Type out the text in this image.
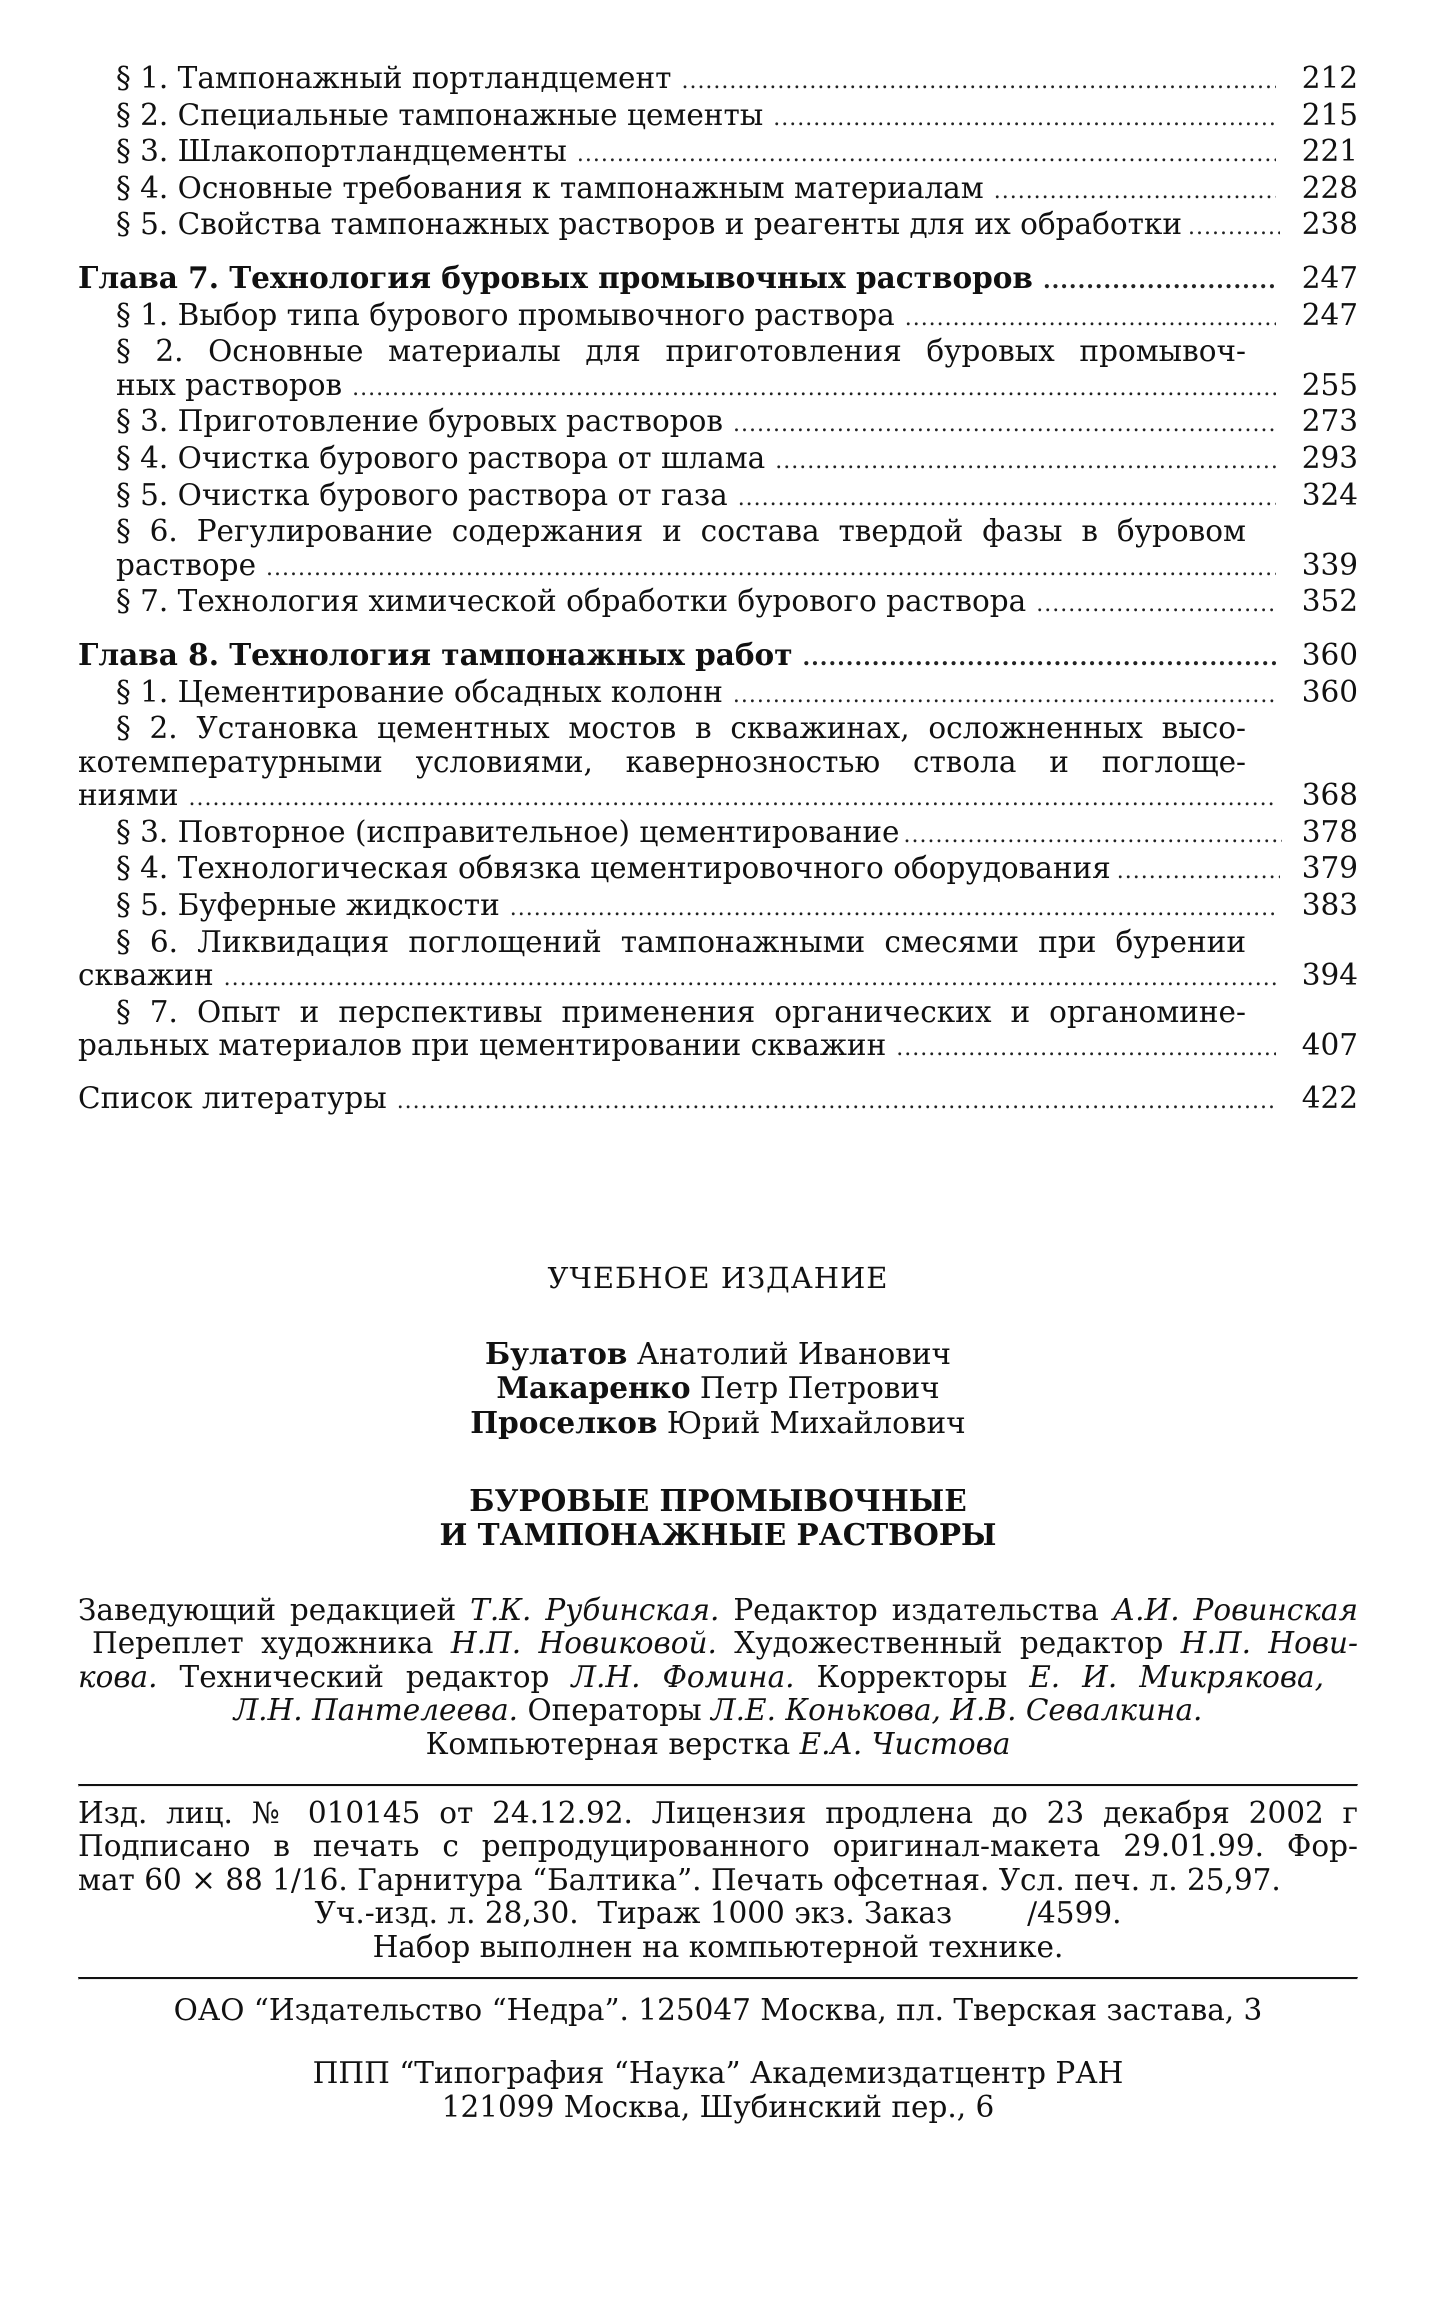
§ 1. Тампонажный портландцемент .....	212
§ 2. Специальные тампонажные цементы .....	215
§ 3. Шлакопортландцементы .....	221
§ 4. Основные требования к тампонажным материалам .....	228
§ 5. Свойства тампонажных растворов и реагенты для их обработки .....	238
Глава 7. Технология буровых промывочных растворов .....	247
§ 1. Выбор типа бурового промывочного раствора .....	247
§ 2. Основные материалы для приготовления буровых промывоч-
ных растворов .....	255
§ 3. Приготовление буровых растворов .....	273
§ 4. Очистка бурового раствора от шлама .....	293
§ 5. Очистка бурового раствора от газа .....	324
§ 6. Регулирование содержания и состава твердой фазы в буровом
растворе .....	339
§ 7. Технология химической обработки бурового раствора .....	352
Глава 8. Технология тампонажных работ .....	360
§ 1. Цементирование обсадных колонн .....	360
§ 2. Установка цементных мостов в скважинах, осложненных высо-
котемпературными условиями, кавернозностью ствола и поглоще-
ниями .....	368
§ 3. Повторное (исправительное) цементирование .....	378
§ 4. Технологическая обвязка цементировочного оборудования .....	379
§ 5. Буферные жидкости .....	383
§ 6. Ликвидация поглощений тампонажными смесями при бурении
скважин .....	394
§ 7. Опыт и перспективы применения органических и органомине-
ральных материалов при цементировании скважин .....	407
Список литературы .....	422
УЧЕБНОЕ ИЗДАНИЕ
Булатов Анатолий Иванович
Макаренко Петр Петрович
Проселков Юрий Михайлович
БУРОВЫЕ ПРОМЫВОЧНЫЕ
И ТАМПОНАЖНЫЕ РАСТВОРЫ
Заведующий редакцией Т.К. Рубинская. Редактор издательства А.И. Ровинская
Переплет художника Н.П. Новиковой. Художественный редактор Н.П. Нови-
кова. Технический редактор Л.Н. Фомина. Корректоры Е. И. Микрякова,
Л.Н. Пантелеева. Операторы Л.Е. Конькова, И.В. Севалкина.
Компьютерная верстка Е.А. Чистова
Изд. лиц. № 010145 от 24.12.92. Лицензия продлена до 23 декабря 2002 г
Подписано в печать с репродуцированного оригинал-макета 29.01.99. Фор-
мат 60 × 88 1/16. Гарнитура “Балтика”. Печать офсетная. Усл. печ. л. 25,97.
Уч.-изд. л. 28,30.  Тираж 1000 экз. Заказ        /4599.
Набор выполнен на компьютерной технике.
ОАО “Издательство “Недра”. 125047 Москва, пл. Тверская застава, 3
ППП “Типография “Наука” Академиздатцентр РАН
121099 Москва, Шубинский пер., 6
